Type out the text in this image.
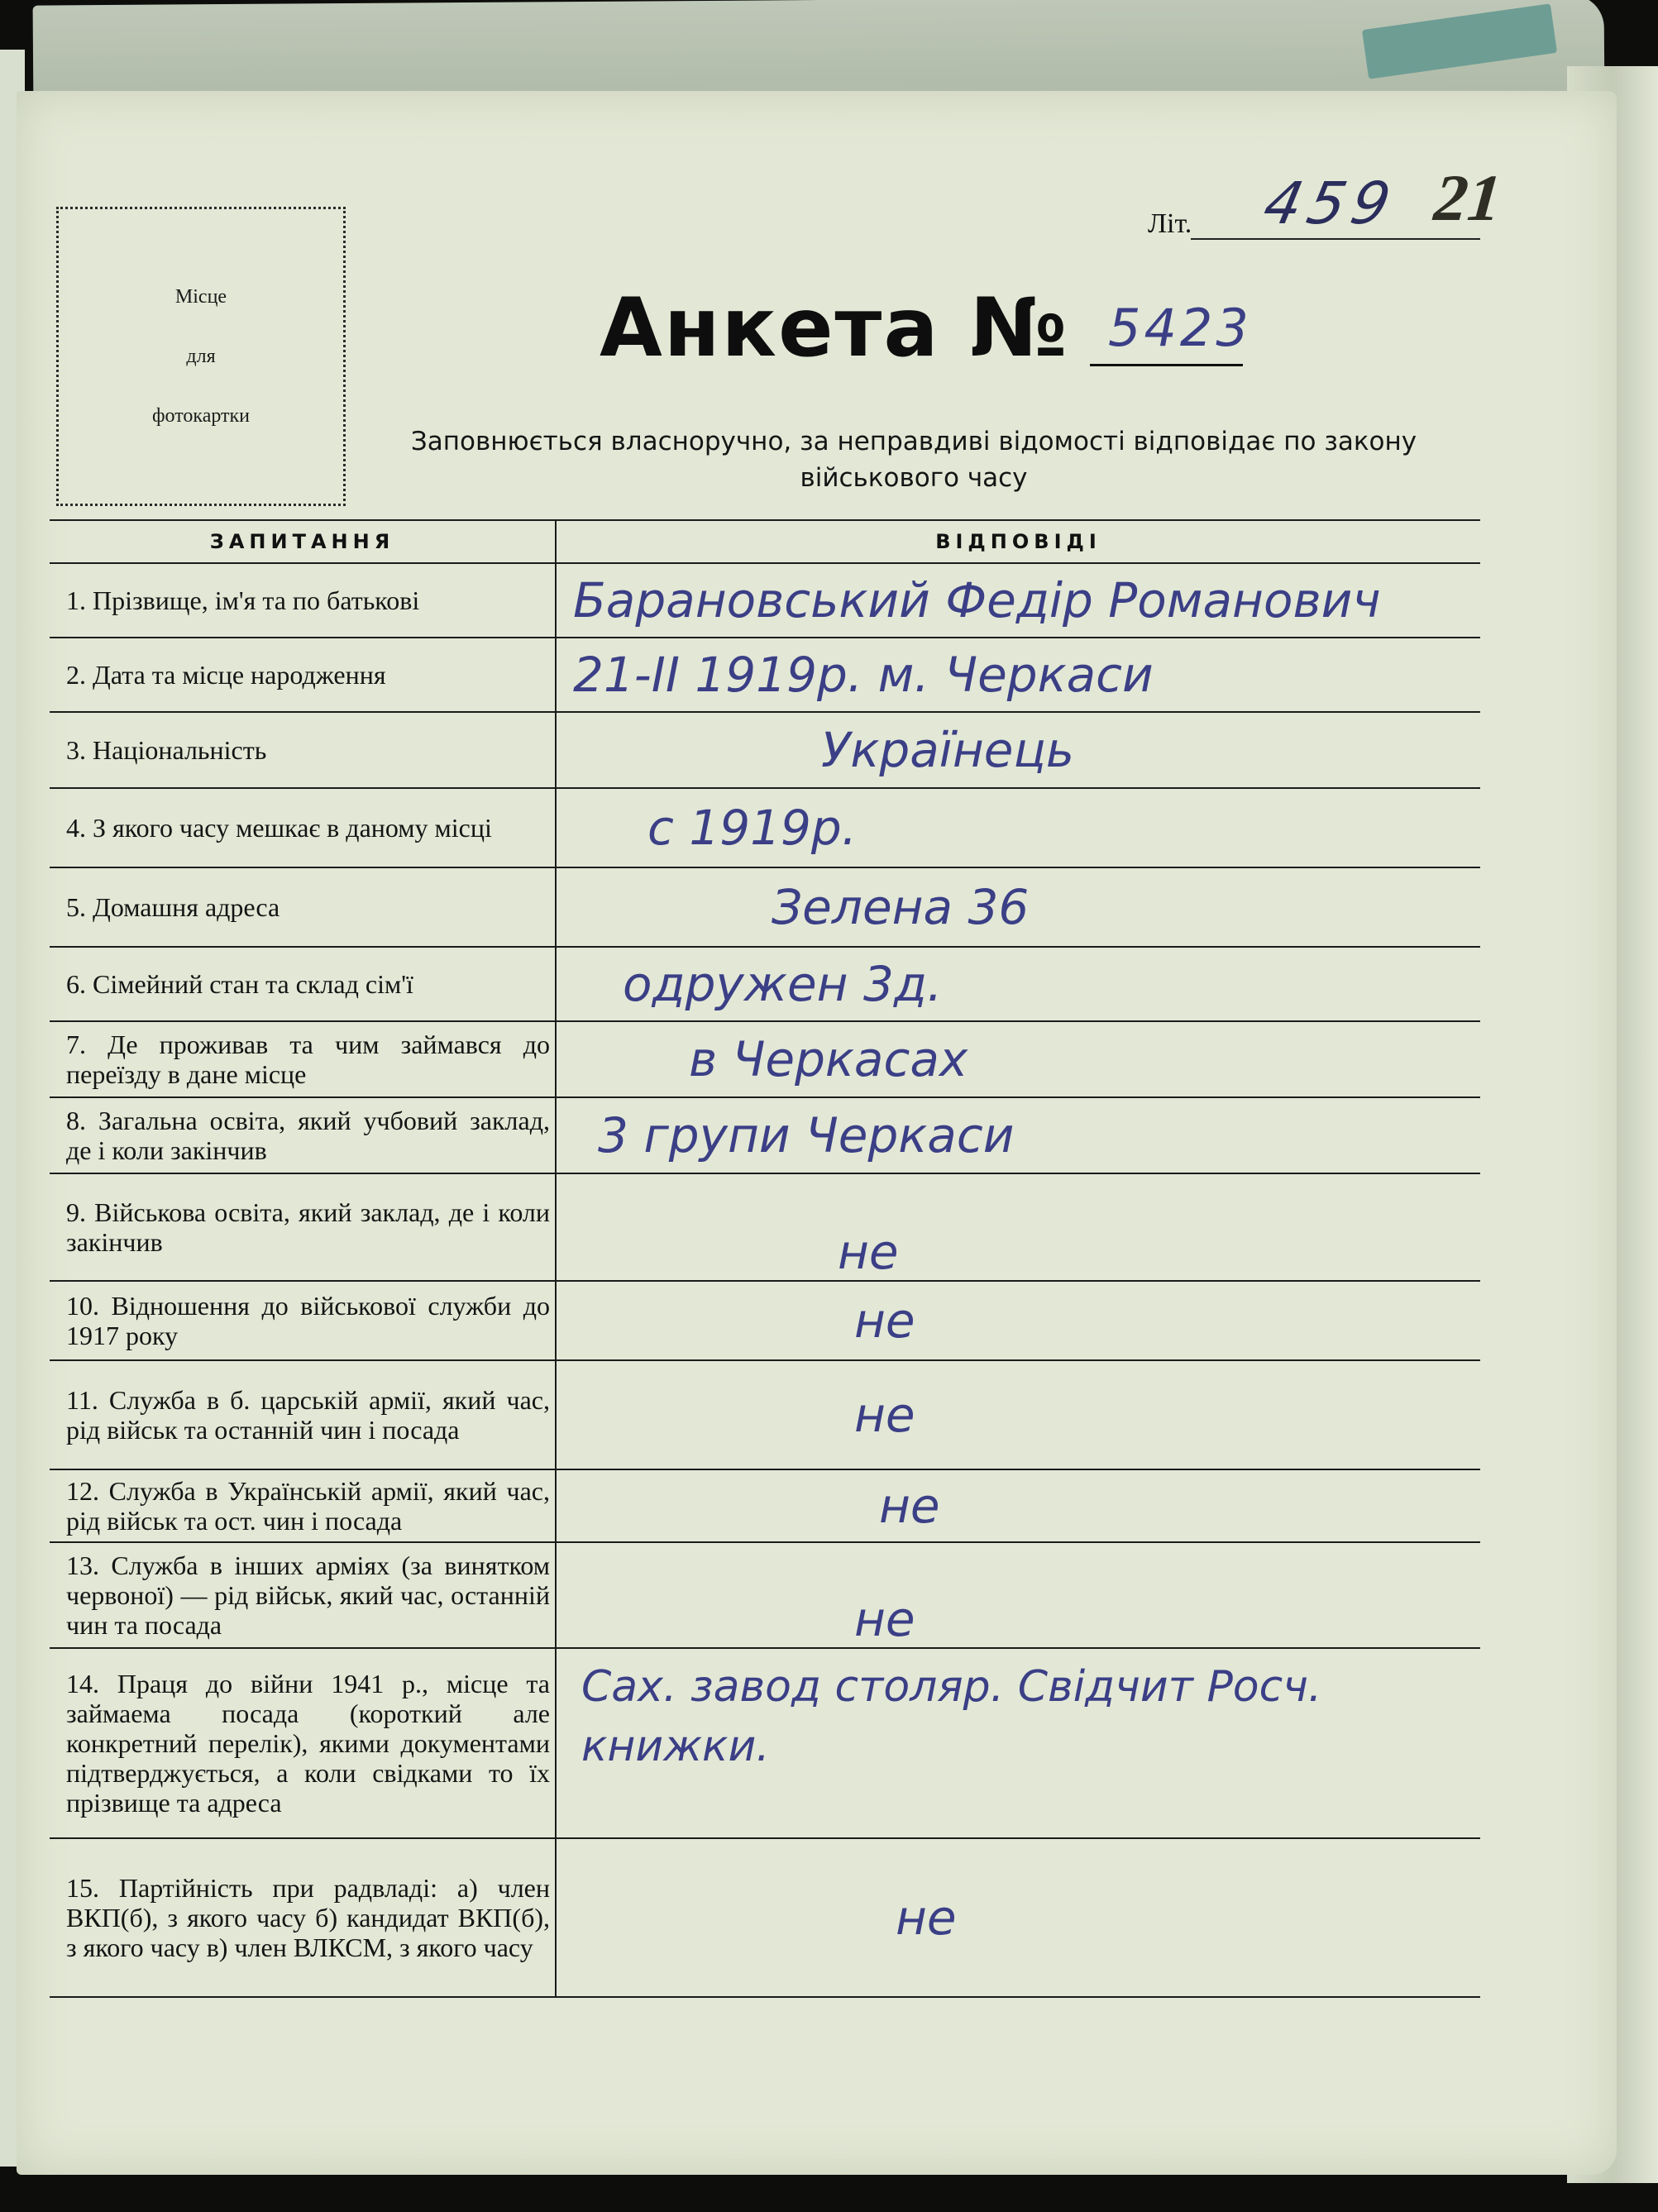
Літ. 459 21
Місце
для
фотокартки
Анкета № 5423
Заповнюється власноручно, за неправдиві відомості відповідає по закону військового часу
ЗАПИТАННЯ	ВІДПОВІДІ
1. Прізвище, ім'я та по батькові	Барановський Федір Романович
2. Дата та місце народження	21-II 1919р. м. Черкаси
3. Національність	Українець
4. З якого часу мешкає в даному місці	с 1919р.
5. Домашня адреса	Зелена 36
6. Сімейний стан та склад сім'ї	одружен 3д.
7. Де проживав та чим займався до переїзду в дане місце	в Черкасах
8. Загальна освіта, який учбовий заклад, де і коли закінчив	3 групи Черкаси
9. Військова освіта, який заклад, де і коли закінчив	не
10. Відношення до військової служби до 1917 року	не
11. Служба в б. царській армії, який час, рід військ та останній чин і посада	не
12. Служба в Українській армії, який час, рід військ та ост. чин і посада	не
13. Служба в інших арміях (за винятком червоної) — рід військ, який час, останній чин та посада	не
14. Праця до війни 1941 р., місце та займаема посада (короткий але конкретний перелік), якими документами підтверджується, а коли свідками то їх прізвище та адреса	Сах. завод столяр. Свідчит Росч. книжки.
15. Партійність при радвладі: а) член ВКП(б), з якого часу б) кандидат ВКП(б), з якого часу в) член ВЛКСМ, з якого часу	не
